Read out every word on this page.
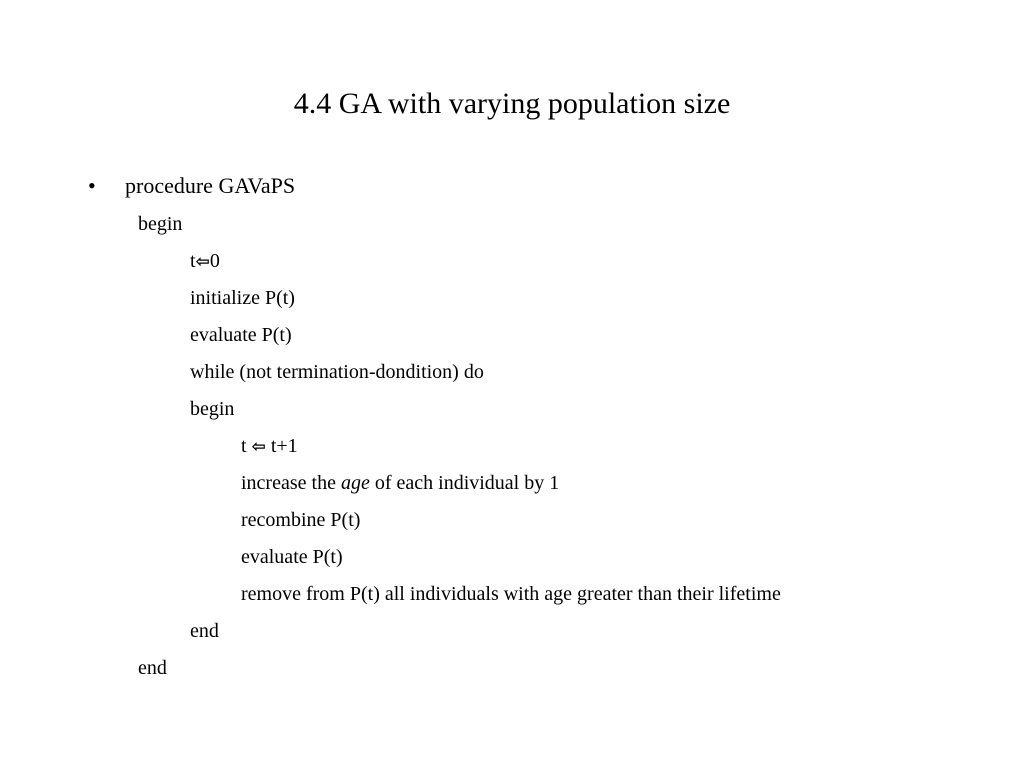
4.4 GA with varying population size
• procedure GAVaPS
begin
t⇦0
initialize P(t)
evaluate P(t)
while (not termination-dondition) do
begin
t ⇦ t+1
increase the age of each individual by 1
recombine P(t)
evaluate P(t)
remove from P(t) all individuals with age greater than their lifetime
end
end
